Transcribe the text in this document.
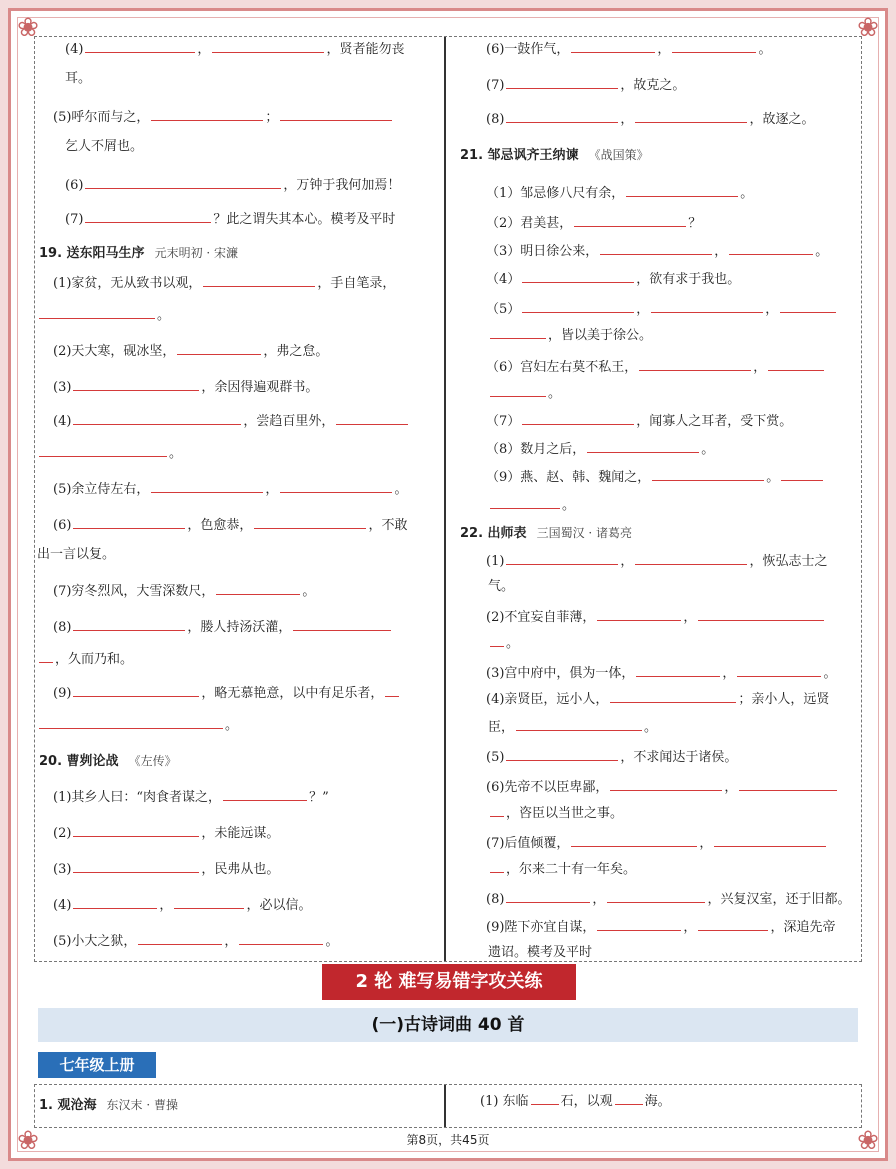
❀	❀
❀	❀
(4)	，	，贤者能勿丧
耳。
(5)呼尔而与之，	；
乞人不屑也。
(6)	，万钟于我何加焉！
(7)	？此之谓失其本心。模考及平时
19. 送东阳马生序 元末明初 · 宋濂
(1)家贫，无从致书以观，	，手自笔录，
。
(2)天大寒，砚冰坚，	，弗之怠。
(3)	，余因得遍观群书。
(4)	，尝趋百里外，
。
(5)余立侍左右，	，	。
(6)	，色愈恭，	，不敢
出一言以复。
(7)穷冬烈风，大雪深数尺，	。
(8)	，媵人持汤沃灌，
，久而乃和。
(9)	，略无慕艳意，以中有足乐者，
。
20. 曹刿论战 《左传》
(1)其乡人曰：“肉食者谋之，	？”
(2)	，未能远谋。
(3)	，民弗从也。
(4)	，	，必以信。
(5)小大之狱，	，	。
(6)一鼓作气，	，	。
(7)	，故克之。
(8)	，	，故逐之。
21. 邹忌讽齐王纳谏 《战国策》
（1）邹忌修八尺有余，	。
（2）君美甚，	？
（3）明日徐公来，	，	。
（4）	，欲有求于我也。
（5）	，	，
，皆以美于徐公。
（6）宫妇左右莫不私王，	，
。
（7）	，闻寡人之耳者，受下赏。
（8）数月之后，	。
（9）燕、赵、韩、魏闻之，	。
。
22. 出师表 三国蜀汉 · 诸葛亮
(1)	，	，恢弘志士之
气。
(2)不宜妄自菲薄，	，
。
(3)宫中府中，俱为一体，	，	。
(4)亲贤臣，远小人，	；亲小人，远贤
臣，	。
(5)	，不求闻达于诸侯。
(6)先帝不以臣卑鄙，	，
，咨臣以当世之事。
(7)后值倾覆，	，
，尔来二十有一年矣。
(8)	，	，兴复汉室，还于旧都。
(9)陛下亦宜自谋，	，	，深追先帝
遗诏。模考及平时
2 轮 难写易错字攻关练
(一)古诗词曲 40 首
七年级上册
1. 观沧海 东汉末 · 曹操	(1) 东临 石，以观 海。
第8页，共45页
